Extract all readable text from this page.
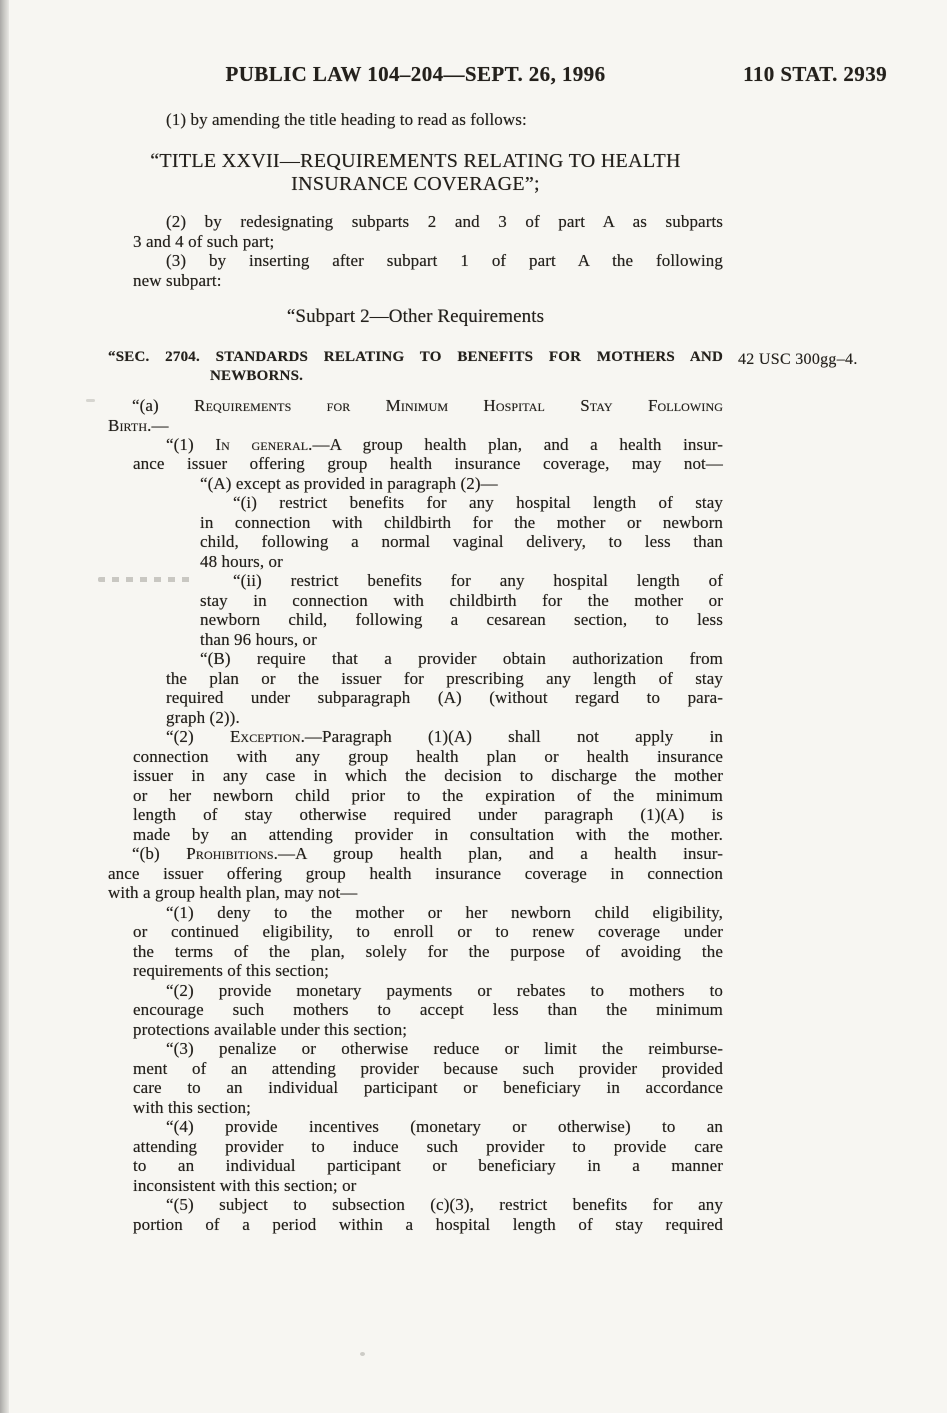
PUBLIC LAW 104–204—SEPT. 26, 1996	110 STAT. 2939
42 USC 300gg–4.
(1) by amending the title heading to read as follows:
“TITLE XXVII—REQUIREMENTS RELATING TO HEALTH
INSURANCE COVERAGE”;
(2) by redesignating subparts 2 and 3 of part A as subparts
3 and 4 of such part;
(3) by inserting after subpart 1 of part A the following
new subpart:
“Subpart 2—Other Requirements
“SEC. 2704. STANDARDS RELATING TO BENEFITS FOR MOTHERS AND
NEWBORNS.
“(a) Requirements for Minimum Hospital Stay Following
Birth.—
“(1) In general.—A group health plan, and a health insur-
ance issuer offering group health insurance coverage, may not—
“(A) except as provided in paragraph (2)—
“(i) restrict benefits for any hospital length of stay
in connection with childbirth for the mother or newborn
child, following a normal vaginal delivery, to less than
48 hours, or
“(ii) restrict benefits for any hospital length of
stay in connection with childbirth for the mother or
newborn child, following a cesarean section, to less
than 96 hours, or
“(B) require that a provider obtain authorization from
the plan or the issuer for prescribing any length of stay
required under subparagraph (A) (without regard to para-
graph (2)).
“(2) Exception.—Paragraph (1)(A) shall not apply in
connection with any group health plan or health insurance
issuer in any case in which the decision to discharge the mother
or her newborn child prior to the expiration of the minimum
length of stay otherwise required under paragraph (1)(A) is
made by an attending provider in consultation with the mother.
“(b) Prohibitions.—A group health plan, and a health insur-
ance issuer offering group health insurance coverage in connection
with a group health plan, may not—
“(1) deny to the mother or her newborn child eligibility,
or continued eligibility, to enroll or to renew coverage under
the terms of the plan, solely for the purpose of avoiding the
requirements of this section;
“(2) provide monetary payments or rebates to mothers to
encourage such mothers to accept less than the minimum
protections available under this section;
“(3) penalize or otherwise reduce or limit the reimburse-
ment of an attending provider because such provider provided
care to an individual participant or beneficiary in accordance
with this section;
“(4) provide incentives (monetary or otherwise) to an
attending provider to induce such provider to provide care
to an individual participant or beneficiary in a manner
inconsistent with this section; or
“(5) subject to subsection (c)(3), restrict benefits for any
portion of a period within a hospital length of stay required
